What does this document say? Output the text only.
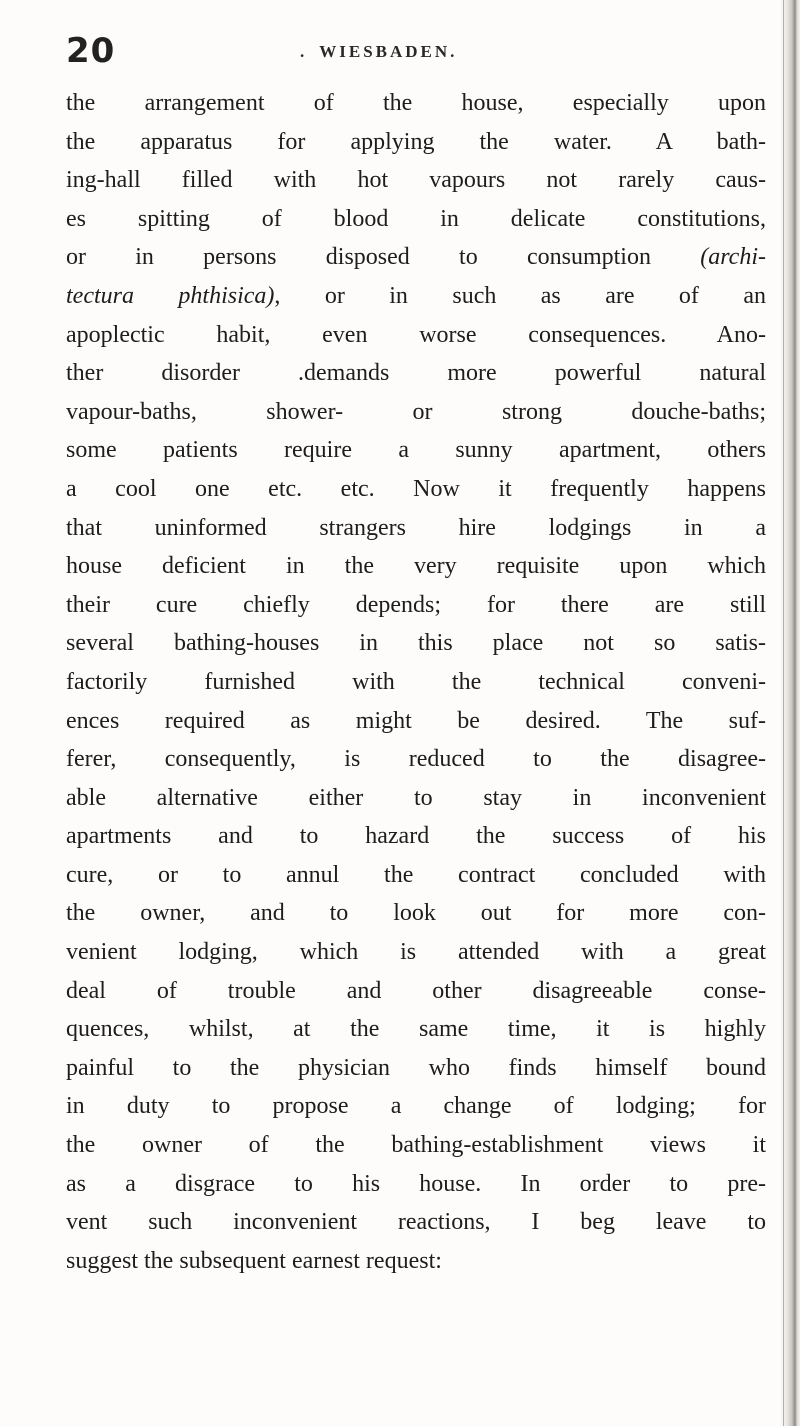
20	. WIESBADEN.
the arrangement of the house, especially upon
the apparatus for applying the water. A bath-
ing-hall filled with hot vapours not rarely caus-
es spitting of blood in delicate constitutions,
or in persons disposed to consumption (archi-
tectura phthisica), or in such as are of an
apoplectic habit, even worse consequences. Ano-
ther disorder .demands more powerful natural
vapour-baths, shower- or strong douche-baths;
some patients require a sunny apartment, others
a cool one etc. etc. Now it frequently happens
that uninformed strangers hire lodgings in a
house deficient in the very requisite upon which
their cure chiefly depends; for there are still
several bathing-houses in this place not so satis-
factorily furnished with the technical conveni-
ences required as might be desired. The suf-
ferer, consequently, is reduced to the disagree-
able alternative either to stay in inconvenient
apartments and to hazard the success of his
cure, or to annul the contract concluded with
the owner, and to look out for more con-
venient lodging, which is attended with a great
deal of trouble and other disagreeable conse-
quences, whilst, at the same time, it is highly
painful to the physician who finds himself bound
in duty to propose a change of lodging; for
the owner of the bathing-establishment views it
as a disgrace to his house. In order to pre-
vent such inconvenient reactions, I beg leave to
suggest the subsequent earnest request:
